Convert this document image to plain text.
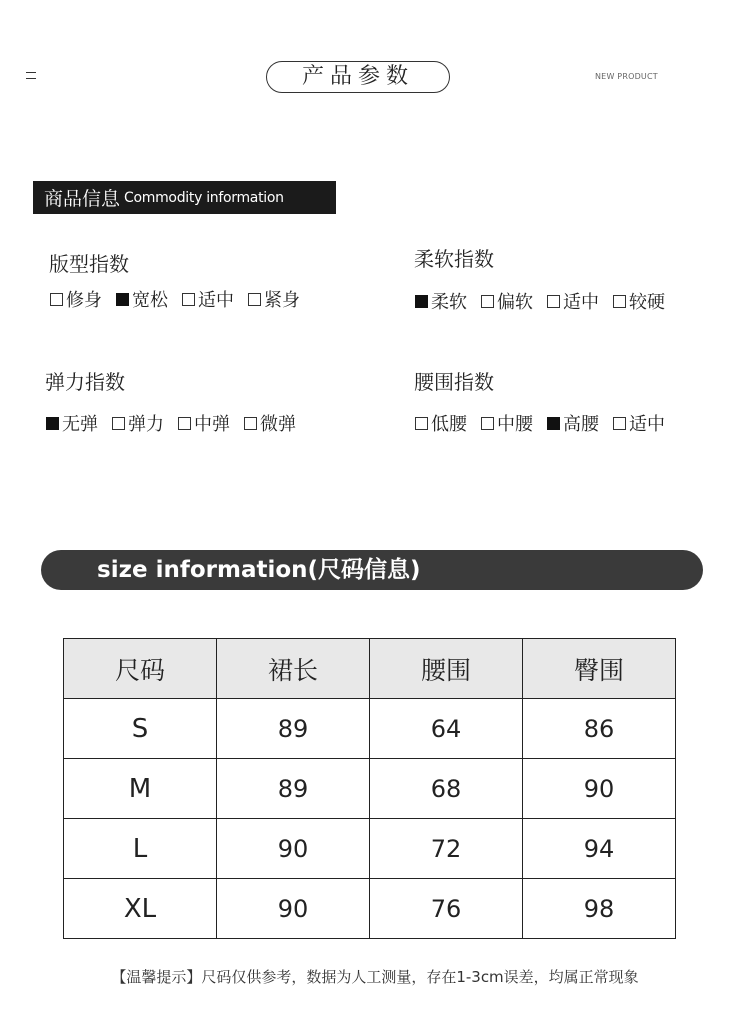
产品参数	NEW PRODUCT
商品信息 Commodity information
版型指数
修身 宽松 适中 紧身
柔软指数
柔软 偏软 适中 较硬
弹力指数
无弹 弹力 中弹 微弹
腰围指数
低腰 中腰 高腰 适中
size information(尺码信息)
尺码	裙长	腰围	臀围
S	89	64	86
M	89	68	90
L	90	72	94
XL	90	76	98
【温馨提示】尺码仅供参考，数据为人工测量，存在1-3cm误差，均属正常现象
